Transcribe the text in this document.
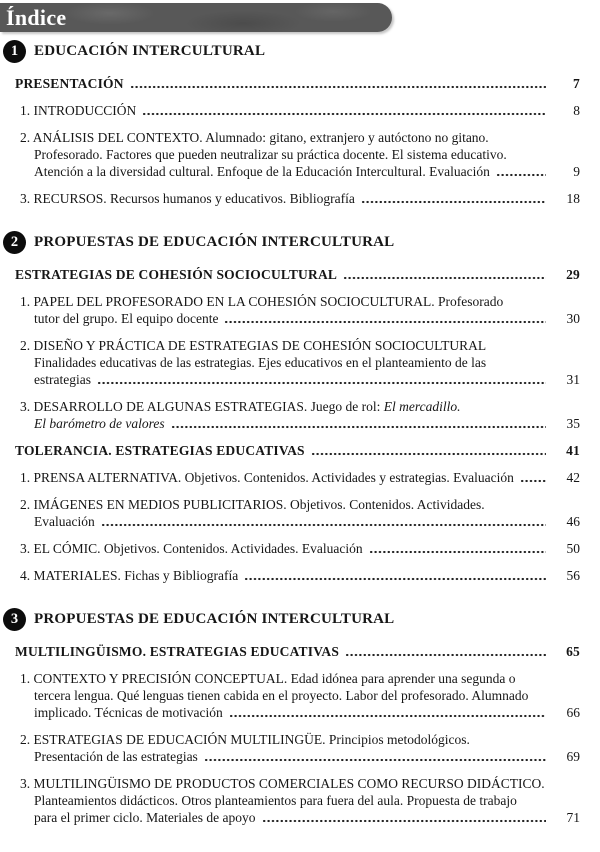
Índice
1	EDUCACIÓN INTERCULTURAL
PRESENTACIÓN	7
1. INTRODUCCIÓN	8
2. ANÁLISIS DEL CONTEXTO. Alumnado: gitano, extranjero y autóctono no gitano.
Profesorado. Factores que pueden neutralizar su práctica docente. El sistema educativo.
Atención a la diversidad cultural. Enfoque de la Educación Intercultural. Evaluación	9
3. RECURSOS. Recursos humanos y educativos. Bibliografía	18
2	PROPUESTAS DE EDUCACIÓN INTERCULTURAL
ESTRATEGIAS DE COHESIÓN SOCIOCULTURAL	29
1. PAPEL DEL PROFESORADO EN LA COHESIÓN SOCIOCULTURAL. Profesorado
tutor del grupo. El equipo docente	30
2. DISEÑO Y PRÁCTICA DE ESTRATEGIAS DE COHESIÓN SOCIOCULTURAL
Finalidades educativas de las estrategias. Ejes educativos en el planteamiento de las
estrategias	31
3. DESARROLLO DE ALGUNAS ESTRATEGIAS. Juego de rol: El mercadillo.
El barómetro de valores	35
TOLERANCIA. ESTRATEGIAS EDUCATIVAS	41
1. PRENSA ALTERNATIVA. Objetivos. Contenidos. Actividades y estrategias. Evaluación	42
2. IMÁGENES EN MEDIOS PUBLICITARIOS. Objetivos. Contenidos. Actividades.
Evaluación	46
3. EL CÓMIC. Objetivos. Contenidos. Actividades. Evaluación	50
4. MATERIALES. Fichas y Bibliografía	56
3	PROPUESTAS DE EDUCACIÓN INTERCULTURAL
MULTILINGÜISMO. ESTRATEGIAS EDUCATIVAS	65
1. CONTEXTO Y PRECISIÓN CONCEPTUAL. Edad idónea para aprender una segunda o
tercera lengua. Qué lenguas tienen cabida en el proyecto. Labor del profesorado. Alumnado
implicado. Técnicas de motivación	66
2. ESTRATEGIAS DE EDUCACIÓN MULTILINGÜE. Principios metodológicos.
Presentación de las estrategias	69
3. MULTILINGÜISMO DE PRODUCTOS COMERCIALES COMO RECURSO DIDÁCTICO.
Planteamientos didácticos. Otros planteamientos para fuera del aula. Propuesta de trabajo
para el primer ciclo. Materiales de apoyo	71
